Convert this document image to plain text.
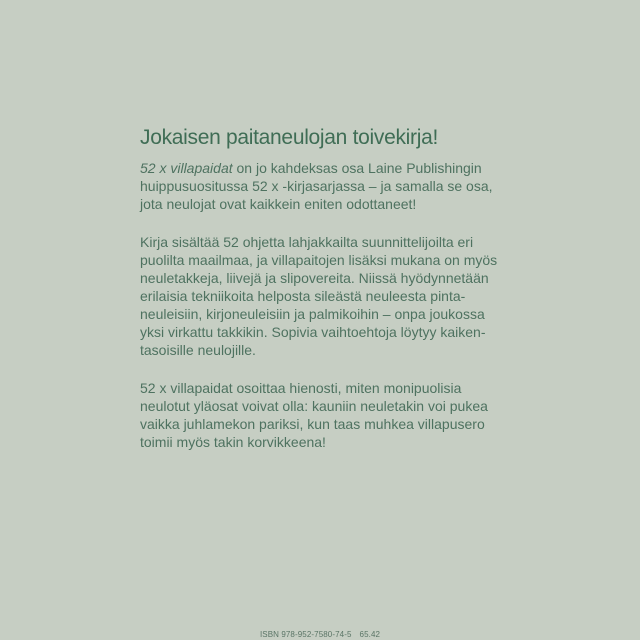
Jokaisen paitaneulojan toivekirja!

52 x villapaidat on jo kahdeksas osa Laine Publishingin
huippusuositussa 52 x -kirjasarjassa – ja samalla se osa,
jota neulojat ovat kaikkein eniten odottaneet!

Kirja sisältää 52 ohjetta lahjakkailta suunnittelijoilta eri
puolilta maailmaa, ja villapaitojen lisäksi mukana on myös
neuletakkeja, liivejä ja slipovereita. Niissä hyödynnetään
erilaisia tekniikoita helposta sileästä neuleesta pinta-
neuleisiin, kirjoneuleisiin ja palmikoihin – onpa joukossa
yksi virkattu takkikin. Sopivia vaihtoehtoja löytyy kaiken-
tasoisille neulojille.

52 x villapaidat osoittaa hienosti, miten monipuolisia
neulotut yläosat voivat olla: kauniin neuletakin voi pukea
vaikka juhlamekon pariksi, kun taas muhkea villapusero
toimii myös takin korvikkeena!

ISBN 978-952-7580-74-5 65.42
